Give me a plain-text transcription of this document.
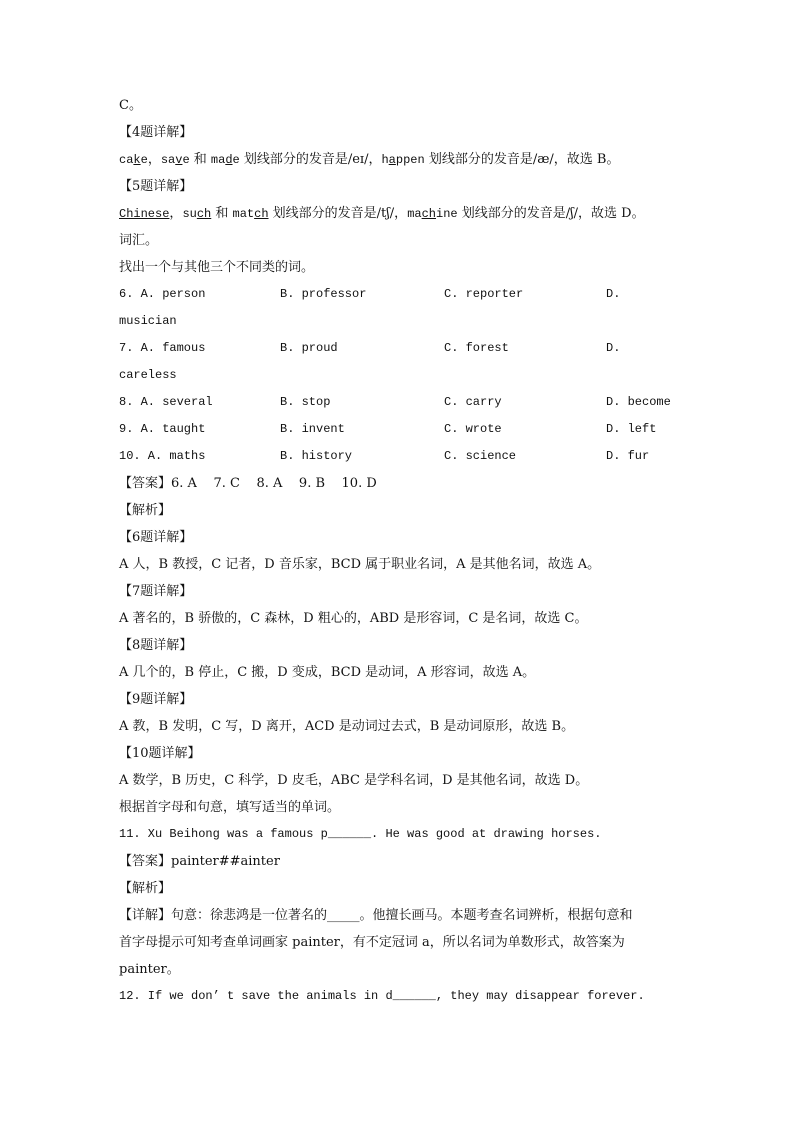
C。
【4题详解】
cake，save 和 made 划线部分的发音是/eɪ/，happen 划线部分的发音是/æ/，故选 B。
【5题详解】
Chinese，such 和 match 划线部分的发音是/tʃ/，machine 划线部分的发音是/ʃ/，故选 D。
词汇。
找出一个与其他三个不同类的词。
6. A. person	B. professor	C. reporter	D.
musician
7. A. famous	B. proud	C. forest	D.
careless
8. A. several	B. stop	C. carry	D. become
9. A. taught	B. invent	C. wrote	D. left
10. A. maths	B. history	C. science	D. fur
【答案】6. A    7. C    8. A    9. B    10. D
【解析】
【6题详解】
A 人，B 教授，C 记者，D 音乐家，BCD 属于职业名词，A 是其他名词，故选 A。
【7题详解】
A 著名的，B 骄傲的，C 森林，D 粗心的，ABD 是形容词，C 是名词，故选 C。
【8题详解】
A 几个的，B 停止，C 搬，D 变成，BCD 是动词，A 形容词，故选 A。
【9题详解】
A 教，B 发明，C 写，D 离开，ACD 是动词过去式，B 是动词原形，故选 B。
【10题详解】
A 数学，B 历史，C 科学，D 皮毛，ABC 是学科名词，D 是其他名词，故选 D。
根据首字母和句意，填写适当的单词。
11. Xu Beihong was a famous p______. He was good at drawing horses.
【答案】painter##ainter
【解析】
【详解】句意：徐悲鸿是一位著名的_____。他擅长画马。本题考查名词辨析，根据句意和
首字母提示可知考查单词画家 painter，有不定冠词 a，所以名词为单数形式，故答案为
painter。
12. If we don’ t save the animals in d______, they may disappear forever.
